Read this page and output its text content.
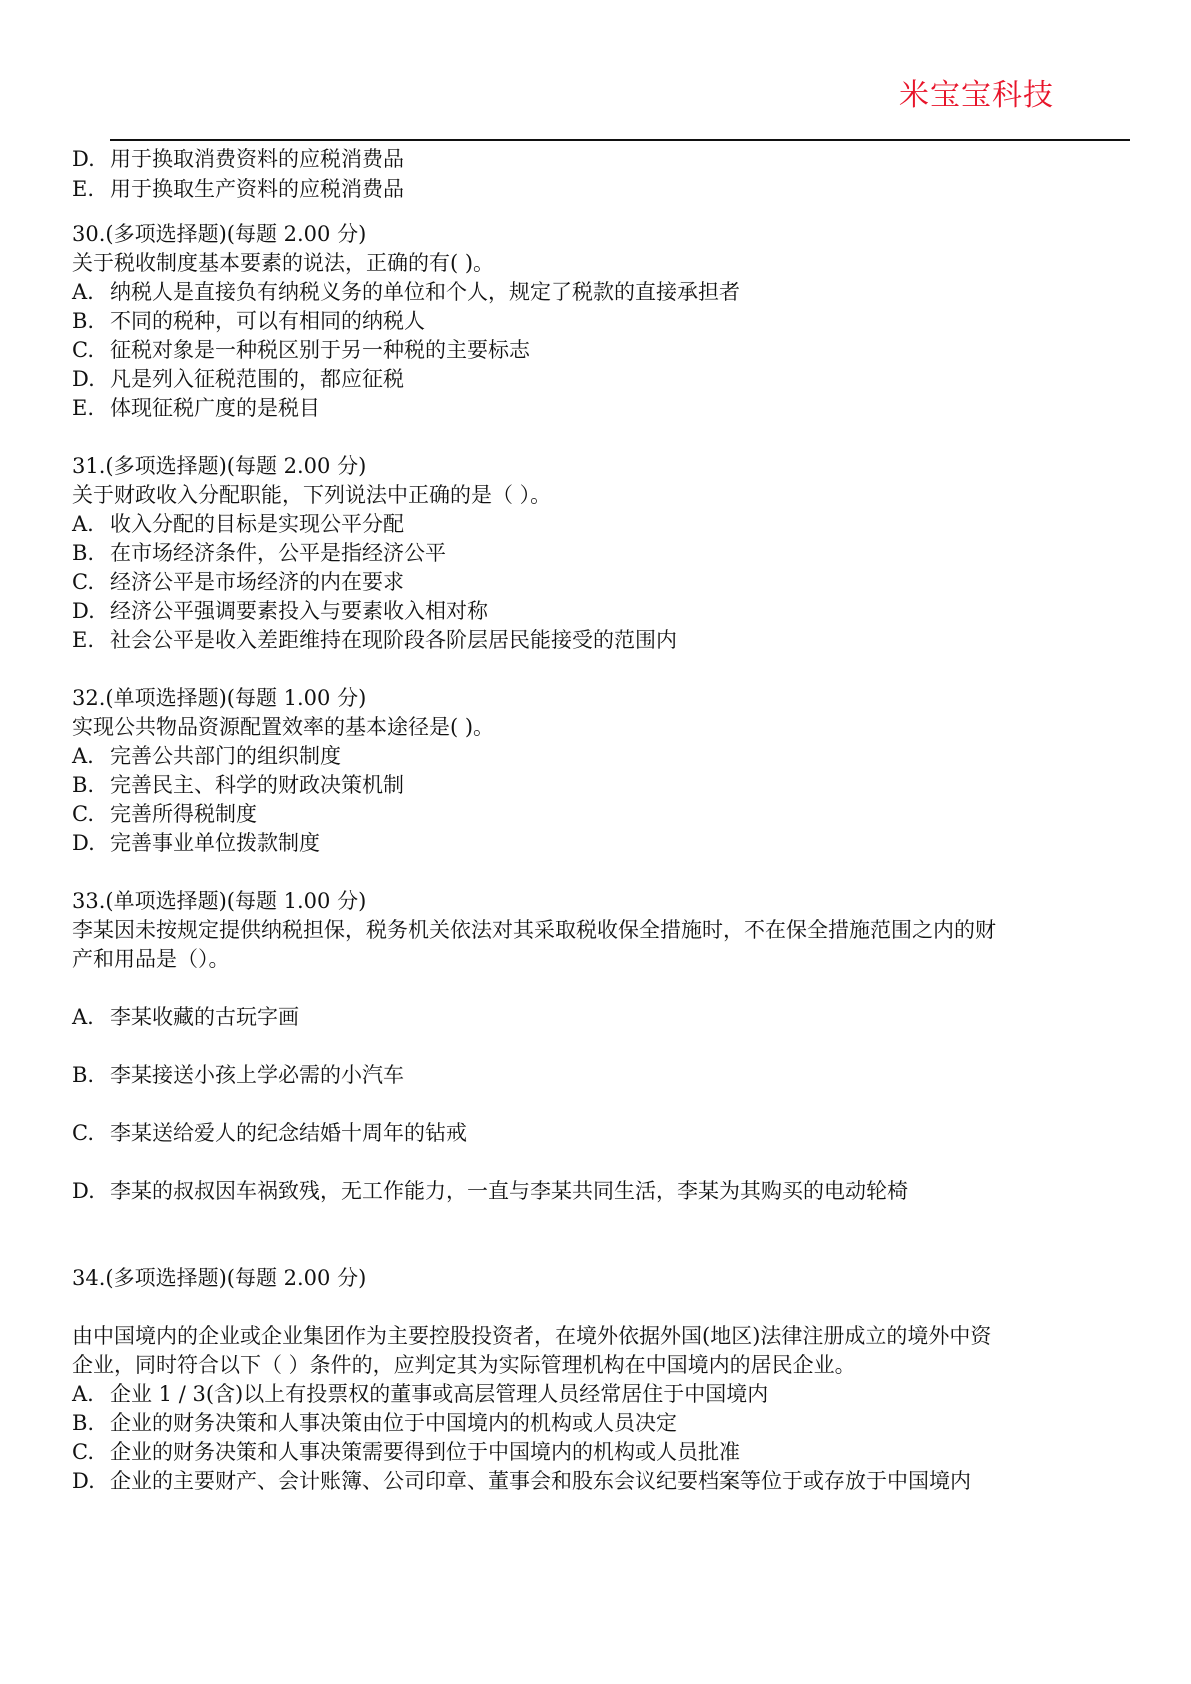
米宝宝科技
D. 用于换取消费资料的应税消费品
E. 用于换取生产资料的应税消费品
30.(多项选择题)(每题 2.00 分)
关于税收制度基本要素的说法，正确的有( )。
A. 纳税人是直接负有纳税义务的单位和个人，规定了税款的直接承担者
B. 不同的税种，可以有相同的纳税人
C. 征税对象是一种税区别于另一种税的主要标志
D. 凡是列入征税范围的，都应征税
E. 体现征税广度的是税目
31.(多项选择题)(每题 2.00 分)
关于财政收入分配职能，下列说法中正确的是（ ）。
A. 收入分配的目标是实现公平分配
B. 在市场经济条件，公平是指经济公平
C. 经济公平是市场经济的内在要求
D. 经济公平强调要素投入与要素收入相对称
E. 社会公平是收入差距维持在现阶段各阶层居民能接受的范围内
32.(单项选择题)(每题 1.00 分)
实现公共物品资源配置效率的基本途径是( )。
A. 完善公共部门的组织制度
B. 完善民主、科学的财政决策机制
C. 完善所得税制度
D. 完善事业单位拨款制度
33.(单项选择题)(每题 1.00 分)
李某因未按规定提供纳税担保，税务机关依法对其采取税收保全措施时，不在保全措施范围之内的财
产和用品是（）。
A. 李某收藏的古玩字画
B. 李某接送小孩上学必需的小汽车
C. 李某送给爱人的纪念结婚十周年的钻戒
D. 李某的叔叔因车祸致残，无工作能力，一直与李某共同生活，李某为其购买的电动轮椅
34.(多项选择题)(每题 2.00 分)
由中国境内的企业或企业集团作为主要控股投资者，在境外依据外国(地区)法律注册成立的境外中资
企业，同时符合以下（ ）条件的，应判定其为实际管理机构在中国境内的居民企业。
A. 企业 1 / 3(含)以上有投票权的董事或高层管理人员经常居住于中国境内
B. 企业的财务决策和人事决策由位于中国境内的机构或人员决定
C. 企业的财务决策和人事决策需要得到位于中国境内的机构或人员批准
D. 企业的主要财产、会计账簿、公司印章、董事会和股东会议纪要档案等位于或存放于中国境内
